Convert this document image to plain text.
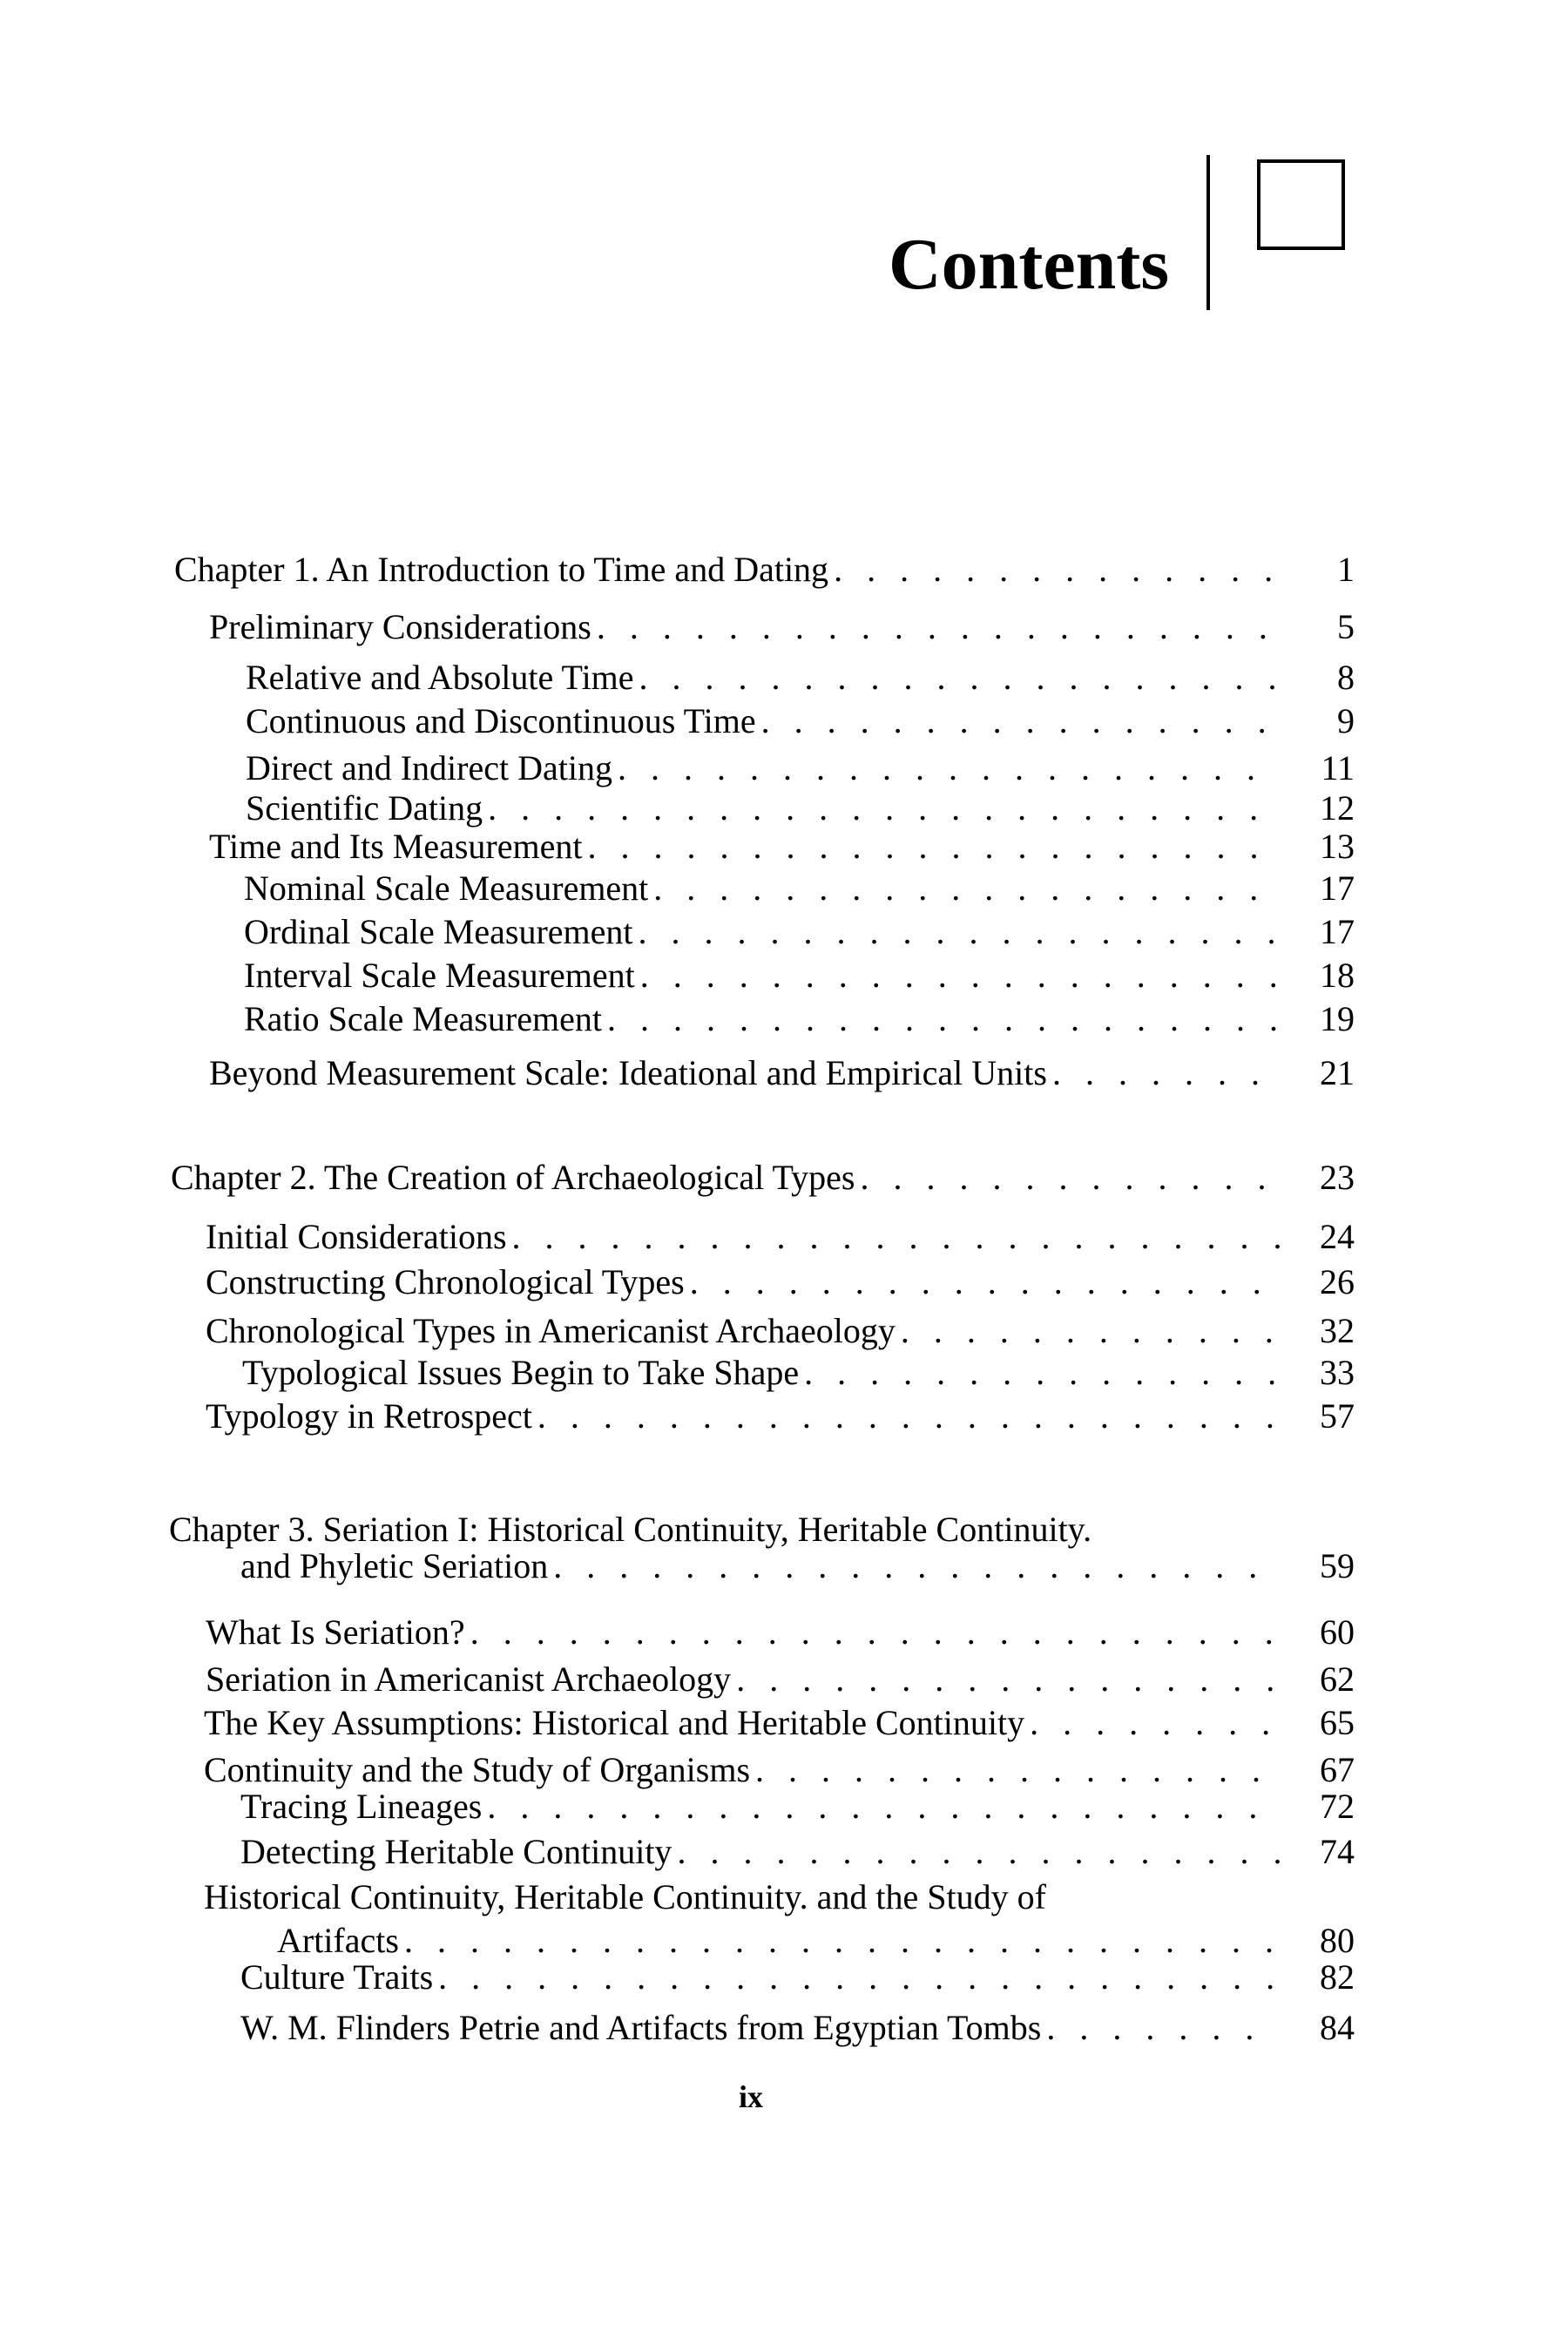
Contents
Chapter 1. An Introduction to Time and Dating . . .	1
Preliminary Considerations . . .	5
Relative and Absolute Time . . .	8
Continuous and Discontinuous Time . . .	9
Direct and Indirect Dating . . .	11
Scientific Dating . . .	12
Time and Its Measurement . . .	13
Nominal Scale Measurement . . .	17
Ordinal Scale Measurement . . .	17
Interval Scale Measurement . . .	18
Ratio Scale Measurement . . .	19
Beyond Measurement Scale: Ideational and Empirical Units . . .	21
Chapter 2. The Creation of Archaeological Types . . .	23
Initial Considerations . . .	24
Constructing Chronological Types . . .	26
Chronological Types in Americanist Archaeology . . .	32
Typological Issues Begin to Take Shape . . .	33
Typology in Retrospect . . .	57
Chapter 3. Seriation I: Historical Continuity, Heritable Continuity.
and Phyletic Seriation . . .	59
What Is Seriation? . . .	60
Seriation in Americanist Archaeology . . .	62
The Key Assumptions: Historical and Heritable Continuity . . .	65
Continuity and the Study of Organisms . . .	67
Tracing Lineages . . .	72
Detecting Heritable Continuity . . .	74
Historical Continuity, Heritable Continuity. and the Study of
Artifacts . . .	80
Culture Traits . . .	82
W. M. Flinders Petrie and Artifacts from Egyptian Tombs . . .	84
ix
